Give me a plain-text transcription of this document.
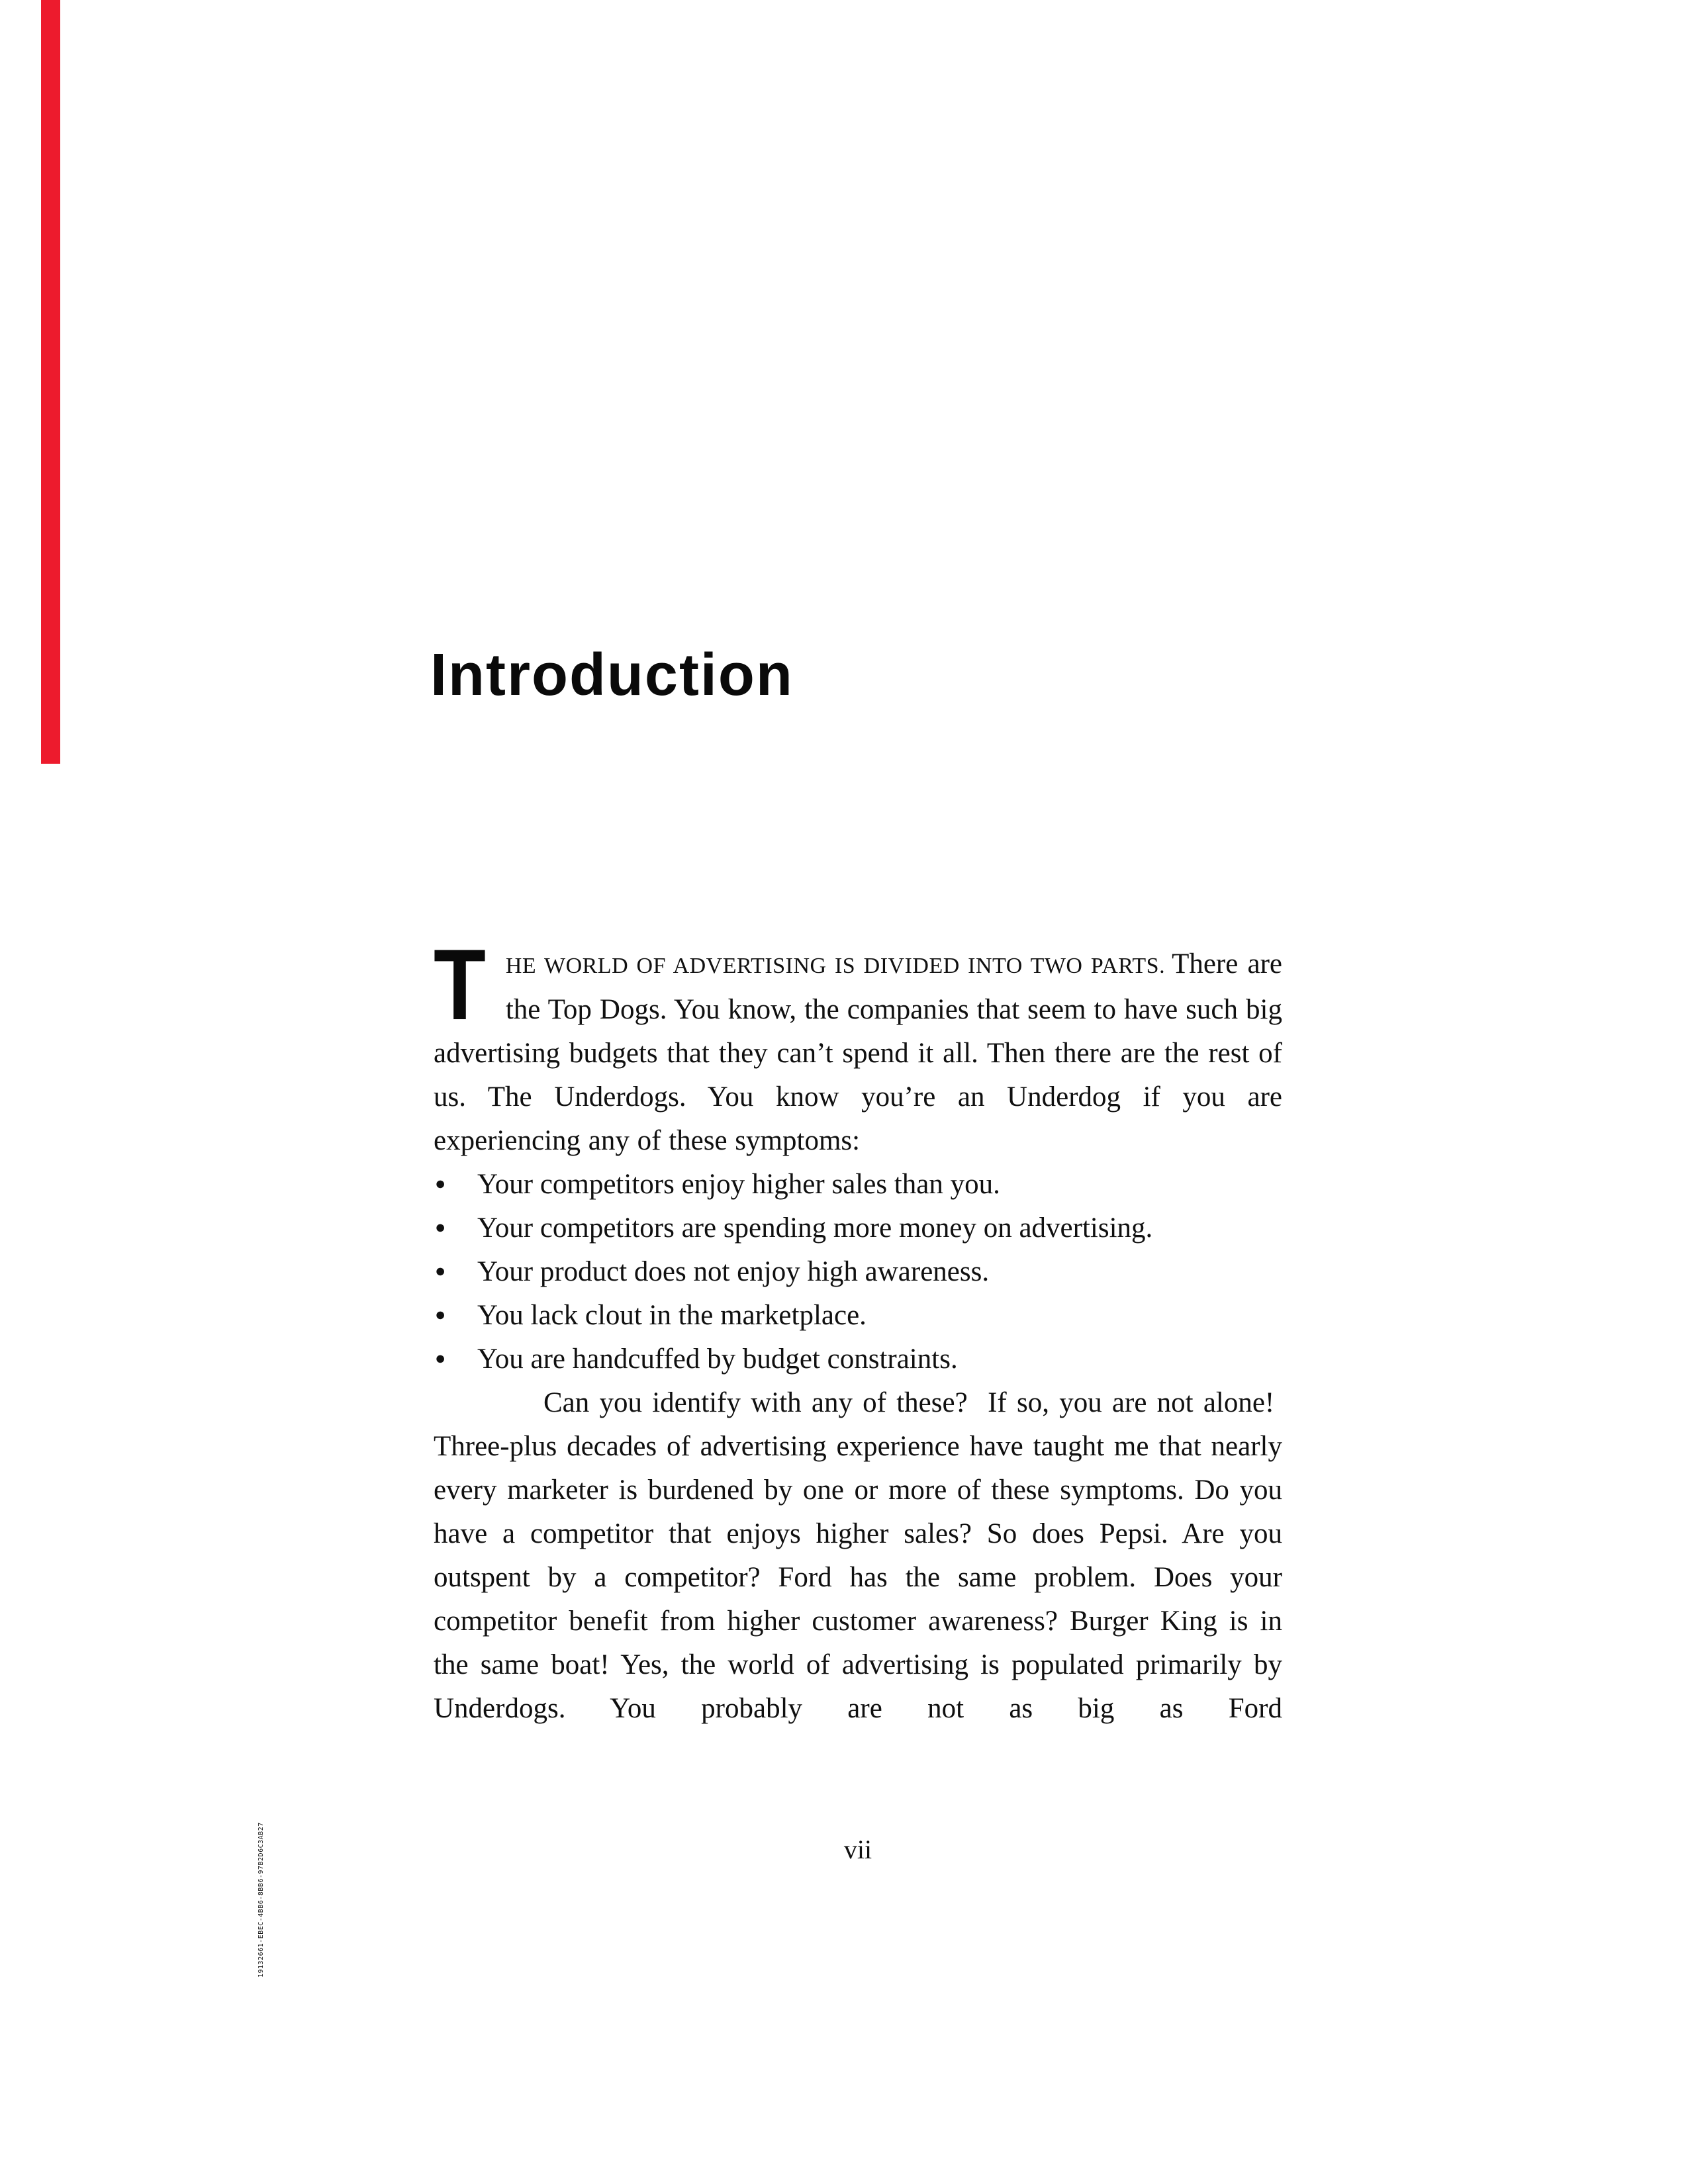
Introduction

THE WORLD OF ADVERTISING IS DIVIDED INTO TWO PARTS. There are the Top Dogs. You know, the companies that seem to have such big advertising budgets that they can’t spend it all. Then there are the rest of us. The Underdogs. You know you’re an Underdog if you are experiencing any of these symptoms:

● Your competitors enjoy higher sales than you.
● Your competitors are spending more money on advertising.
● Your product does not enjoy high awareness.
● You lack clout in the marketplace.
● You are handcuffed by budget constraints.

Can you identify with any of these?  If so, you are not alone!  Three-plus decades of advertising experience have taught me that nearly every marketer is burdened by one or more of these symptoms. Do you have a competitor that enjoys higher sales? So does Pepsi. Are you outspent by a competitor? Ford has the same problem. Does your competitor benefit from higher customer awareness? Burger King is in the same boat! Yes, the world of advertising is populated primarily by Underdogs. You probably are not as big as Ford

vii
19132661-EBEC-4BB6-8BB6-97B2D6C3AB27
